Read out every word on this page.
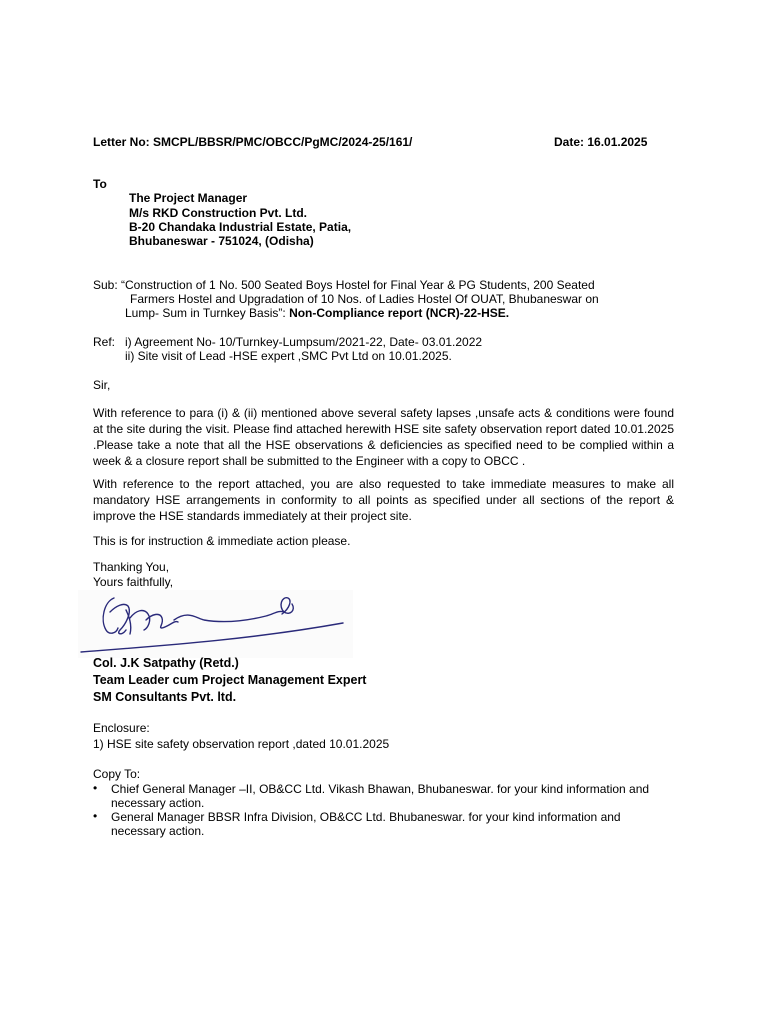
Letter No: SMCPL/BBSR/PMC/OBCC/PgMC/2024-25/161/	Date: 16.01.2025
To
The Project Manager
M/s RKD Construction Pvt. Ltd.
B-20 Chandaka Industrial Estate, Patia,
Bhubaneswar - 751024, (Odisha)
Sub: “Construction of 1 No. 500 Seated Boys Hostel for Final Year & PG Students, 200 Seated
Farmers Hostel and Upgradation of 10 Nos. of Ladies Hostel Of OUAT, Bhubaneswar on
Lump- Sum in Turnkey Basis”: Non-Compliance report (NCR)-22-HSE.
Ref: i) Agreement No- 10/Turnkey-Lumpsum/2021-22, Date- 03.01.2022
ii) Site visit of Lead -HSE expert ,SMC Pvt Ltd on 10.01.2025.
Sir,
With reference to para (i) & (ii) mentioned above several safety lapses ,unsafe acts & conditions were found at the site during the visit. Please find attached herewith HSE site safety observation report dated 10.01.2025 .Please take a note that all the HSE observations & deficiencies as specified need to be complied within a week & a closure report shall be submitted to the Engineer with a copy to OBCC .
With reference to the report attached, you are also requested to take immediate measures to make all mandatory HSE arrangements in conformity to all points as specified under all sections of the report & improve the HSE standards immediately at their project site.
This is for instruction & immediate action please.
Thanking You,
Yours faithfully,
Col. J.K Satpathy (Retd.)
Team Leader cum Project Management Expert
SM Consultants Pvt. ltd.
Enclosure:
1) HSE site safety observation report ,dated 10.01.2025
Copy To:
• Chief General Manager –II, OB&CC Ltd. Vikash Bhawan, Bhubaneswar. for your kind information and necessary action.
• General Manager BBSR Infra Division, OB&CC Ltd. Bhubaneswar. for your kind information and necessary action.
